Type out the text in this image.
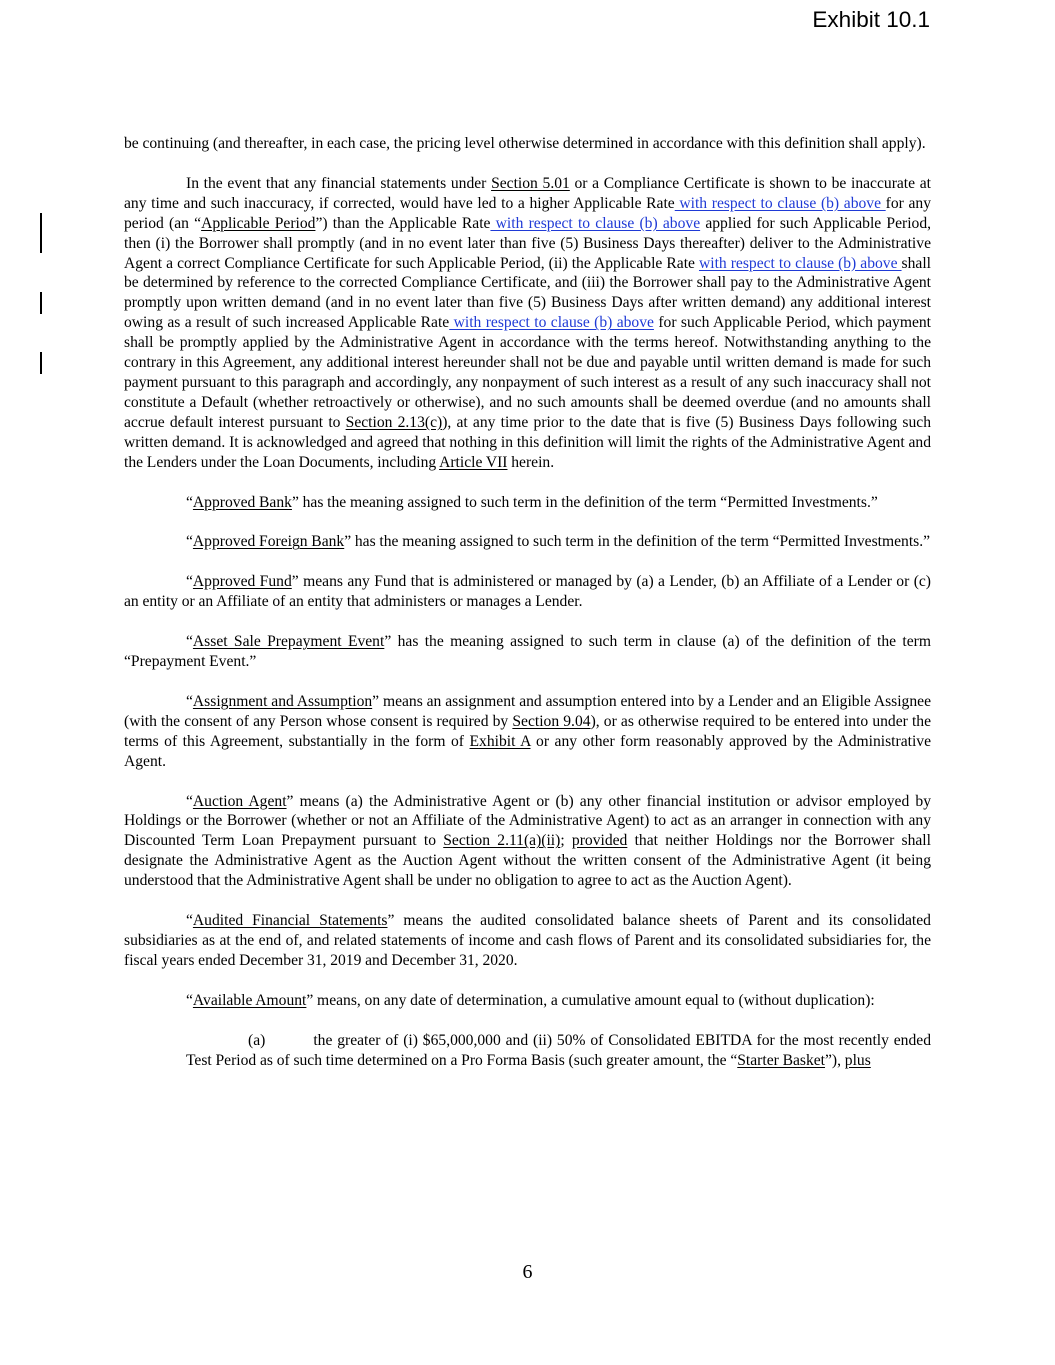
Exhibit 10.1

be continuing (and thereafter, in each case, the pricing level otherwise determined in accordance with this definition shall apply).

In the event that any financial statements under Section 5.01 or a Compliance Certificate is shown to be inaccurate at any time and such inaccuracy, if corrected, would have led to a higher Applicable Rate with respect to clause (b) above for any period (an “Applicable Period”) than the Applicable Rate with respect to clause (b) above applied for such Applicable Period, then (i) the Borrower shall promptly (and in no event later than five (5) Business Days thereafter) deliver to the Administrative Agent a correct Compliance Certificate for such Applicable Period, (ii) the Applicable Rate with respect to clause (b) above shall be determined by reference to the corrected Compliance Certificate, and (iii) the Borrower shall pay to the Administrative Agent promptly upon written demand (and in no event later than five (5) Business Days after written demand) any additional interest owing as a result of such increased Applicable Rate with respect to clause (b) above for such Applicable Period, which payment shall be promptly applied by the Administrative Agent in accordance with the terms hereof. Notwithstanding anything to the contrary in this Agreement, any additional interest hereunder shall not be due and payable until written demand is made for such payment pursuant to this paragraph and accordingly, any nonpayment of such interest as a result of any such inaccuracy shall not constitute a Default (whether retroactively or otherwise), and no such amounts shall be deemed overdue (and no amounts shall accrue default interest pursuant to Section 2.13(c)), at any time prior to the date that is five (5) Business Days following such written demand. It is acknowledged and agreed that nothing in this definition will limit the rights of the Administrative Agent and the Lenders under the Loan Documents, including Article VII herein.

“Approved Bank” has the meaning assigned to such term in the definition of the term “Permitted Investments.”

“Approved Foreign Bank” has the meaning assigned to such term in the definition of the term “Permitted Investments.”

“Approved Fund” means any Fund that is administered or managed by (a) a Lender, (b) an Affiliate of a Lender or (c) an entity or an Affiliate of an entity that administers or manages a Lender.

“Asset Sale Prepayment Event” has the meaning assigned to such term in clause (a) of the definition of the term “Prepayment Event.”

“Assignment and Assumption” means an assignment and assumption entered into by a Lender and an Eligible Assignee (with the consent of any Person whose consent is required by Section 9.04), or as otherwise required to be entered into under the terms of this Agreement, substantially in the form of Exhibit A or any other form reasonably approved by the Administrative Agent.

“Auction Agent” means (a) the Administrative Agent or (b) any other financial institution or advisor employed by Holdings or the Borrower (whether or not an Affiliate of the Administrative Agent) to act as an arranger in connection with any Discounted Term Loan Prepayment pursuant to Section 2.11(a)(ii); provided that neither Holdings nor the Borrower shall designate the Administrative Agent as the Auction Agent without the written consent of the Administrative Agent (it being understood that the Administrative Agent shall be under no obligation to agree to act as the Auction Agent).

“Audited Financial Statements” means the audited consolidated balance sheets of Parent and its consolidated subsidiaries as at the end of, and related statements of income and cash flows of Parent and its consolidated subsidiaries for, the fiscal years ended December 31, 2019 and December 31, 2020.

“Available Amount” means, on any date of determination, a cumulative amount equal to (without duplication):

(a)	the greater of (i) $65,000,000 and (ii) 50% of Consolidated EBITDA for the most recently ended Test Period as of such time determined on a Pro Forma Basis (such greater amount, the “Starter Basket”), plus

6
